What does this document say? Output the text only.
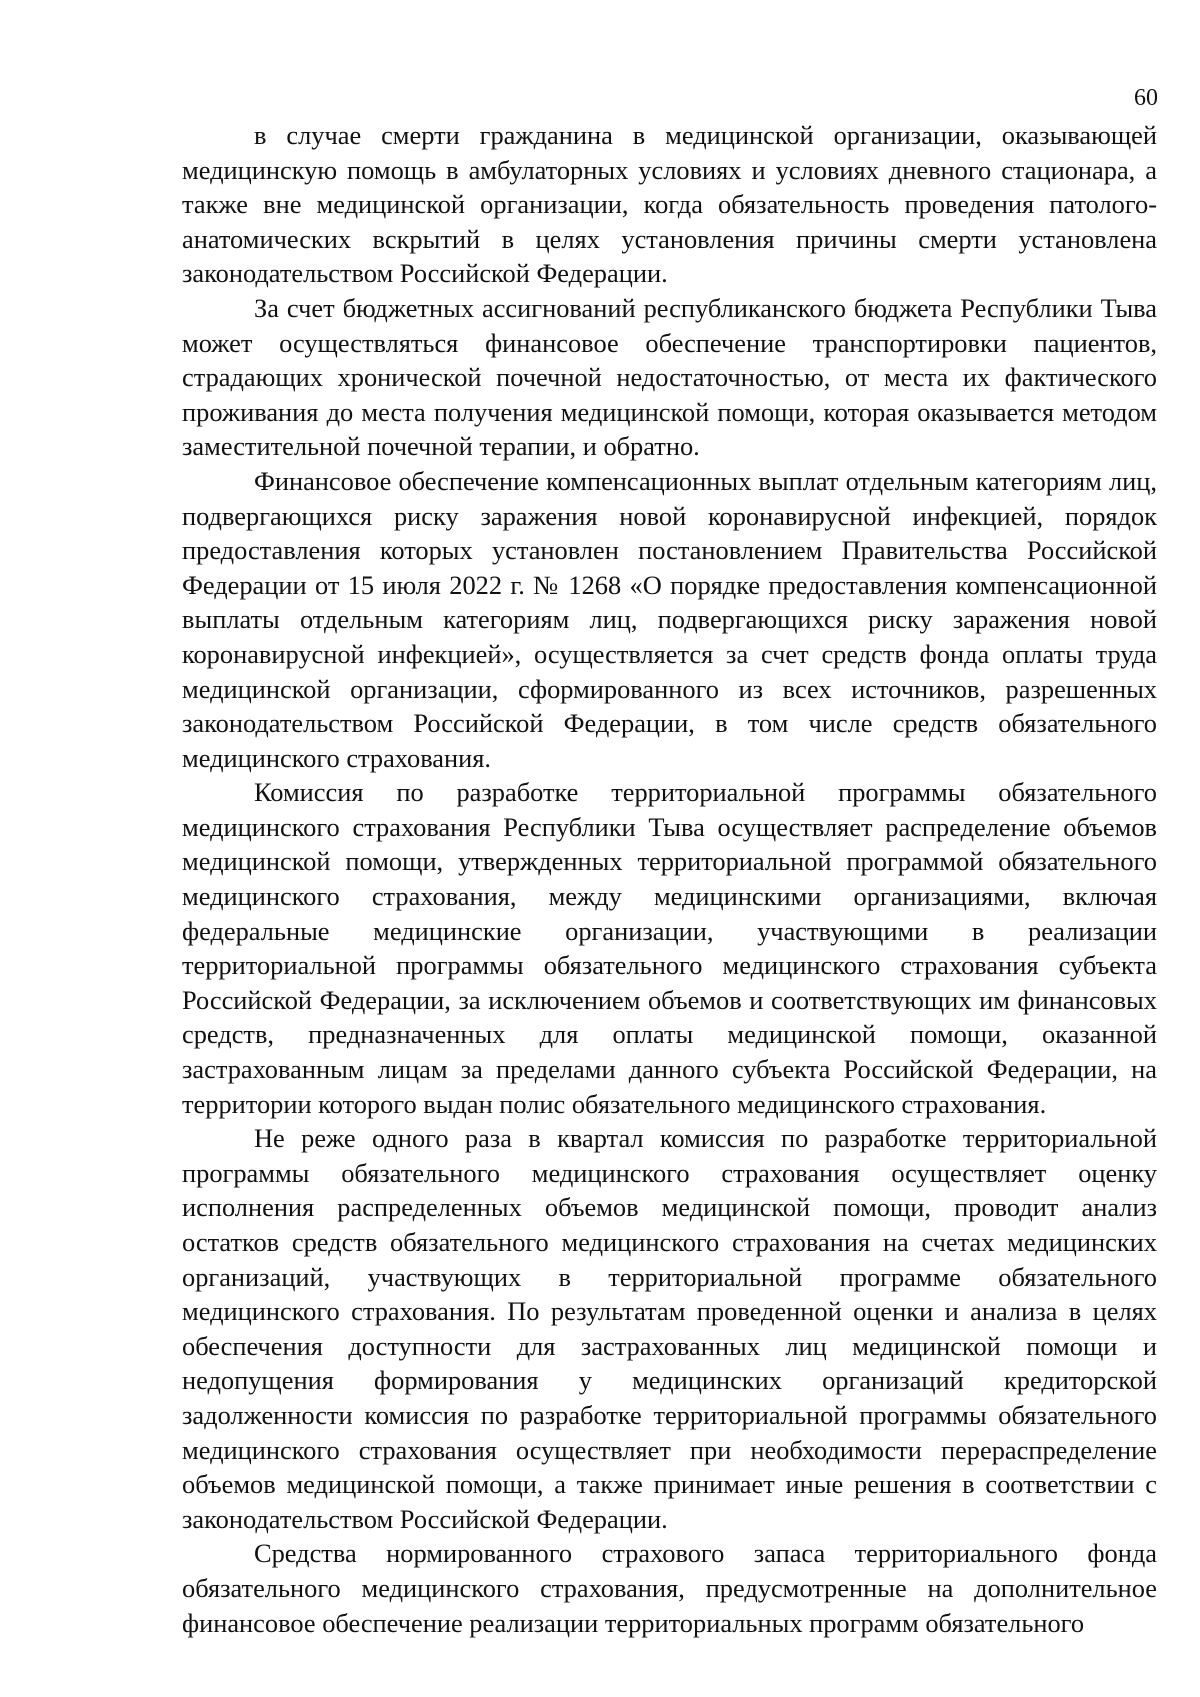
60

в случае смерти гражданина в медицинской организации, оказывающей медицинскую помощь в амбулаторных условиях и условиях дневного стационара, а также вне медицинской организации, когда обязательность проведения патолого-анатомических вскрытий в целях установления причины смерти установлена законодательством Российской Федерации.

За счет бюджетных ассигнований республиканского бюджета Республики Тыва может осуществляться финансовое обеспечение транспортировки пациентов, страдающих хронической почечной недостаточностью, от места их фактического проживания до места получения медицинской помощи, которая оказывается методом заместительной почечной терапии, и обратно.

Финансовое обеспечение компенсационных выплат отдельным категориям лиц, подвергающихся риску заражения новой коронавирусной инфекцией, порядок предоставления которых установлен постановлением Правительства Российской Федерации от 15 июля 2022 г. № 1268 «О порядке предоставления компенсационной выплаты отдельным категориям лиц, подвергающихся риску заражения новой коронавирусной инфекцией», осуществляется за счет средств фонда оплаты труда медицинской организации, сформированного из всех источников, разрешенных законодательством Российской Федерации, в том числе средств обязательного медицинского страхования.

Комиссия по разработке территориальной программы обязательного медицинского страхования Республики Тыва осуществляет распределение объемов медицинской помощи, утвержденных территориальной программой обязательного медицинского страхования, между медицинскими организациями, включая федеральные медицинские организации, участвующими в реализации территориальной программы обязательного медицинского страхования субъекта Российской Федерации, за исключением объемов и соответствующих им финансовых средств, предназначенных для оплаты медицинской помощи, оказанной застрахованным лицам за пределами данного субъекта Российской Федерации, на территории которого выдан полис обязательного медицинского страхования.

Не реже одного раза в квартал комиссия по разработке территориальной программы обязательного медицинского страхования осуществляет оценку исполнения распределенных объемов медицинской помощи, проводит анализ остатков средств обязательного медицинского страхования на счетах медицинских организаций, участвующих в территориальной программе обязательного медицинского страхования. По результатам проведенной оценки и анализа в целях обеспечения доступности для застрахованных лиц медицинской помощи и недопущения формирования у медицинских организаций кредиторской задолженности комиссия по разработке территориальной программы обязательного медицинского страхования осуществляет при необходимости перераспределение объемов медицинской помощи, а также принимает иные решения в соответствии с законодательством Российской Федерации.

Средства нормированного страхового запаса территориального фонда обязательного медицинского страхования, предусмотренные на дополнительное финансовое обеспечение реализации территориальных программ обязательного
